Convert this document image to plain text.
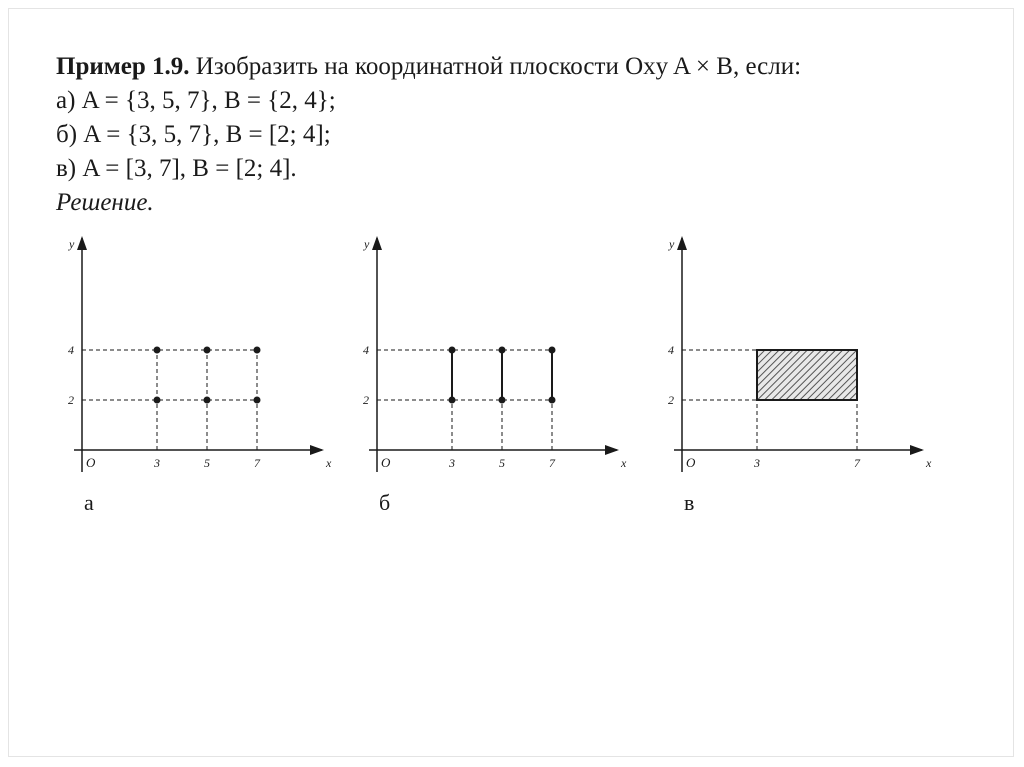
Пример 1.9. Изобразить на координатной плоскости Oxy A × B, если:
а) A = {3, 5, 7}, B = {2, 4};
б) A = {3, 5, 7}, B = [2; 4];
в) A = [3, 7], B = [2; 4].
Решение.
y
x
O	3	5	7
2
4
а
y
x
O	3	5	7
2
4
б
y
x
O	3	7
2
4
в
